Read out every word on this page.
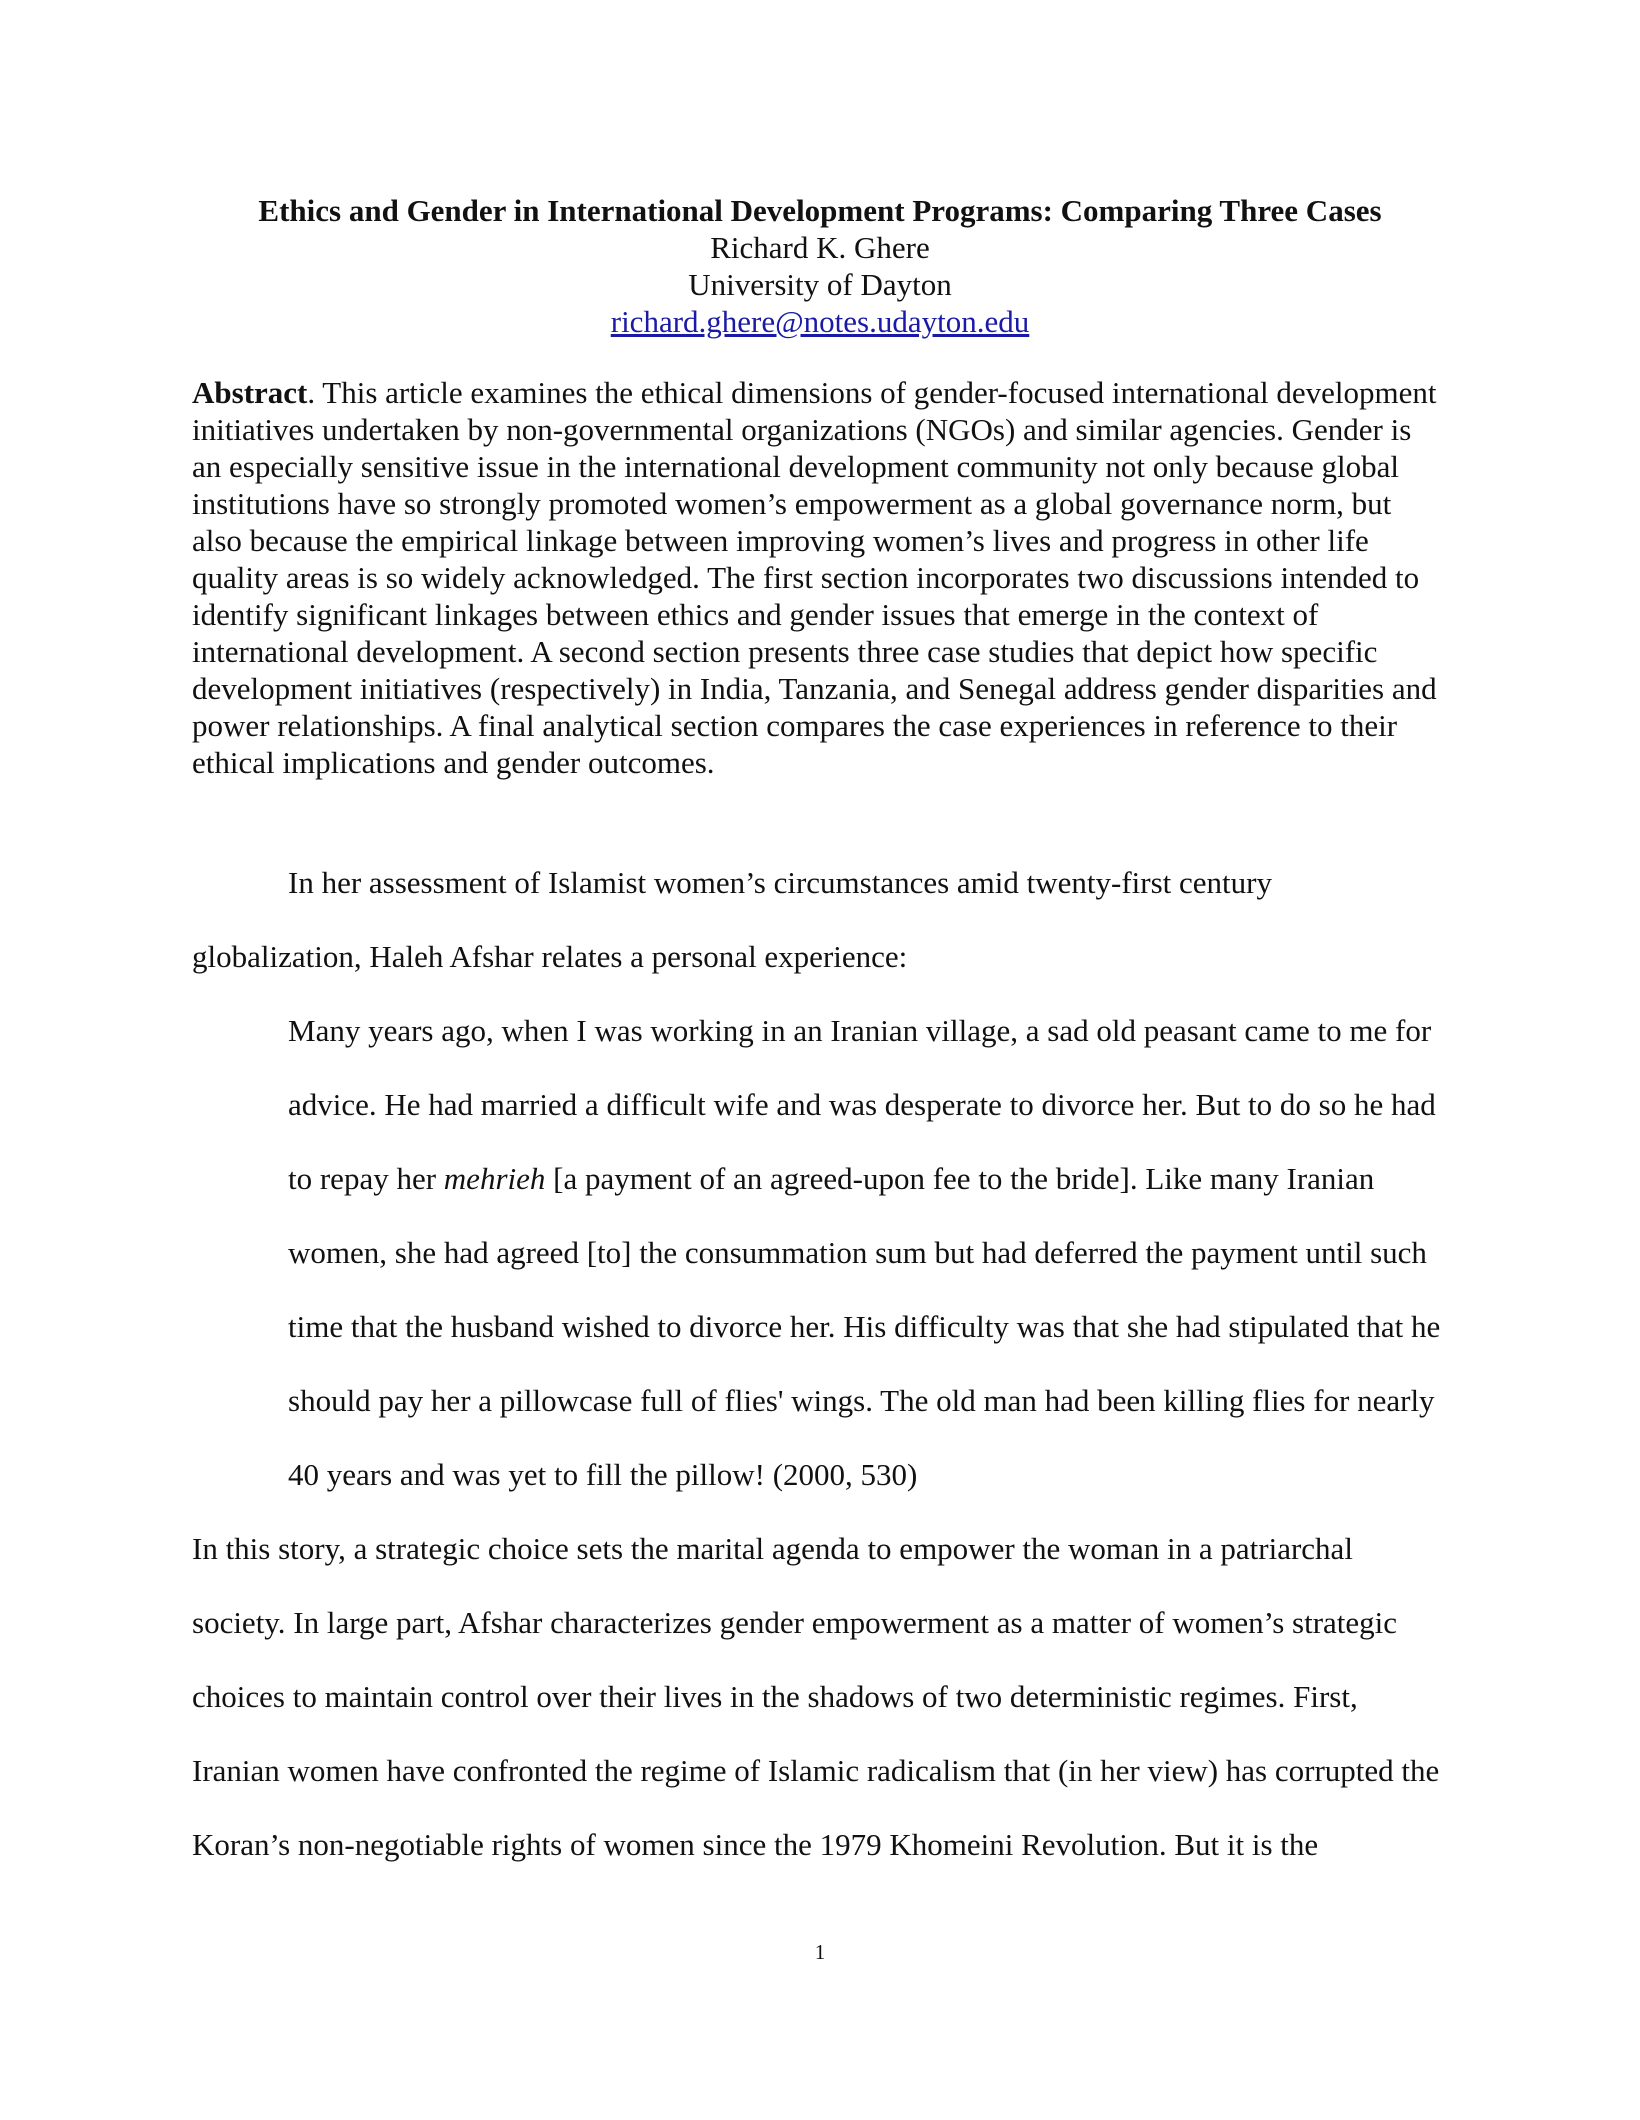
Ethics and Gender in International Development Programs: Comparing Three Cases
Richard K. Ghere
University of Dayton
richard.ghere@notes.udayton.edu

Abstract. This article examines the ethical dimensions of gender-focused international development initiatives undertaken by non-governmental organizations (NGOs) and similar agencies. Gender is an especially sensitive issue in the international development community not only because global institutions have so strongly promoted women’s empowerment as a global governance norm, but also because the empirical linkage between improving women’s lives and progress in other life quality areas is so widely acknowledged. The first section incorporates two discussions intended to identify significant linkages between ethics and gender issues that emerge in the context of international development. A second section presents three case studies that depict how specific development initiatives (respectively) in India, Tanzania, and Senegal address gender disparities and power relationships. A final analytical section compares the case experiences in reference to their ethical implications and gender outcomes.

In her assessment of Islamist women’s circumstances amid twenty-first century globalization, Haleh Afshar relates a personal experience:

Many years ago, when I was working in an Iranian village, a sad old peasant came to me for advice. He had married a difficult wife and was desperate to divorce her. But to do so he had to repay her mehrieh [a payment of an agreed-upon fee to the bride]. Like many Iranian women, she had agreed [to] the consummation sum but had deferred the payment until such time that the husband wished to divorce her. His difficulty was that she had stipulated that he should pay her a pillowcase full of flies' wings. The old man had been killing flies for nearly 40 years and was yet to fill the pillow! (2000, 530)

In this story, a strategic choice sets the marital agenda to empower the woman in a patriarchal society. In large part, Afshar characterizes gender empowerment as a matter of women’s strategic choices to maintain control over their lives in the shadows of two deterministic regimes. First, Iranian women have confronted the regime of Islamic radicalism that (in her view) has corrupted the Koran’s non-negotiable rights of women since the 1979 Khomeini Revolution. But it is the

1
